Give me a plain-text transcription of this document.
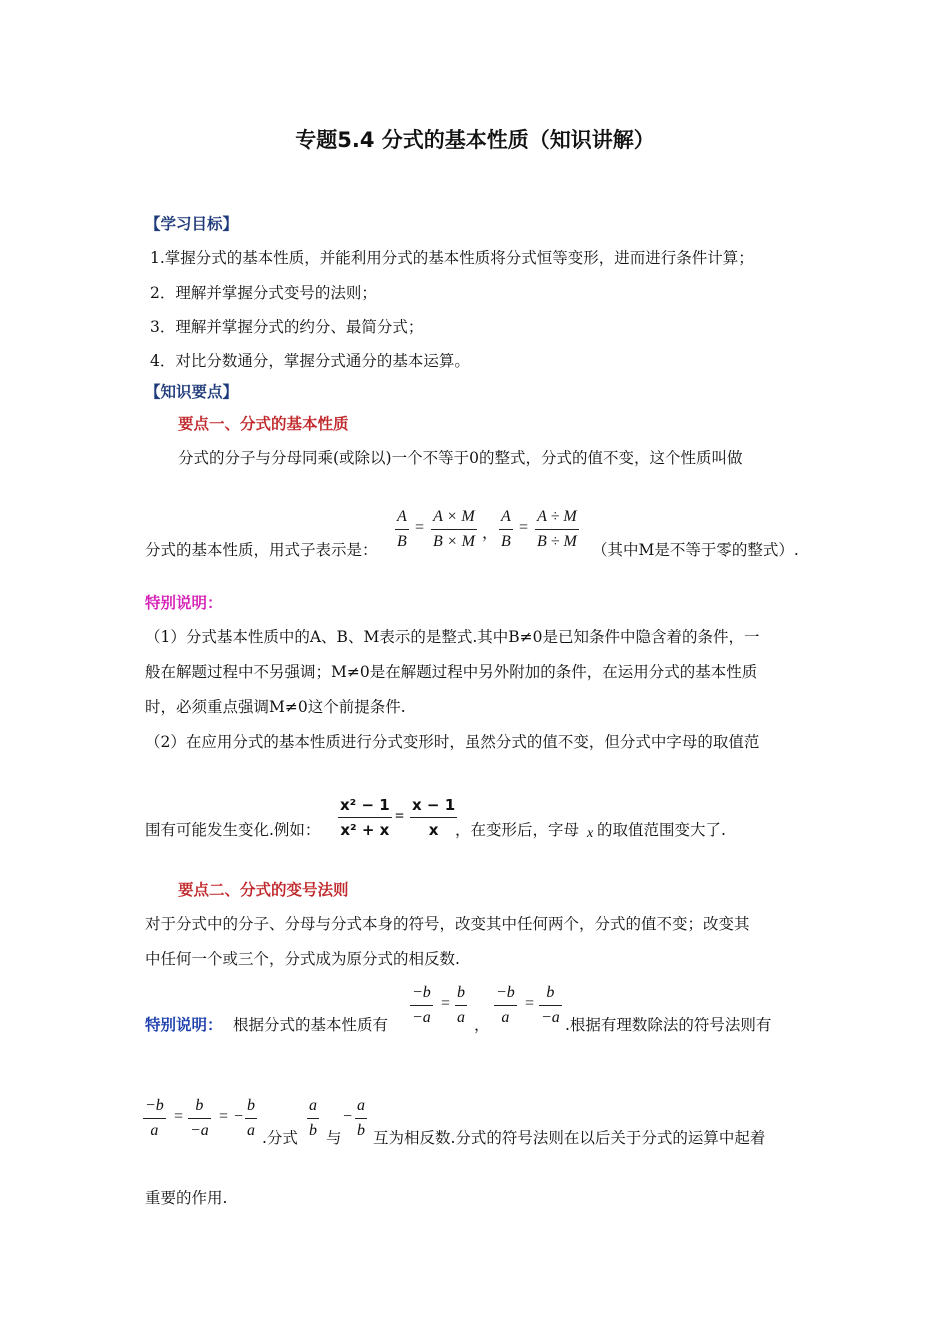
专题5.4 分式的基本性质（知识讲解）
【学习目标】
1.掌握分式的基本性质，并能利用分式的基本性质将分式恒等变形，进而进行条件计算；
2．理解并掌握分式变号的法则；
3．理解并掌握分式的约分、最简分式；
4．对比分数通分，掌握分式通分的基本运算。
【知识要点】
要点一、分式的基本性质
分式的分子与分母同乘(或除以)一个不等于0的整式，分式的值不变，这个性质叫做
分式的基本性质，用式子表示是： $\frac{A}{B} = \frac{A \times M}{B \times M}$ ， $\frac{A}{B} = \frac{A \div M}{B \div M}$ （其中M是不等于零的整式）.
特别说明：
（1）分式基本性质中的A、B、M表示的是整式.其中B≠0是已知条件中隐含着的条件，一
般在解题过程中不另强调；M≠0是在解题过程中另外附加的条件，在运用分式的基本性质
时，必须重点强调M≠0这个前提条件.
（2）在应用分式的基本性质进行分式变形时，虽然分式的值不变，但分式中字母的取值范
围有可能发生变化.例如： $\frac{\text{x² − 1}}{\text{x² + x}} = \frac{x - 1}{x}$
，在变形后，字母 x 的取值范围变大了.
要点二、分式的变号法则
对于分式中的分子、分母与分式本身的符号，改变其中任何两个，分式的值不变；改变其
中任何一个或三个，分式成为原分式的相反数.
特别说明： 根据分式的基本性质有 $\frac{-b}{-a} = \frac{b}{a}$ ， $\frac{-b}{a} = \frac{b}{-a}$ .根据有理数除法的符号法则有
$\frac{-b}{a} = \frac{b}{-a}$ = − $\frac{b}{a}$ .分式 $\frac{a}{b}$ 与
− $\frac{a}{b}$ 互为相反数.分式的符号法则在以后关于分式的运算中起着
重要的作用.
